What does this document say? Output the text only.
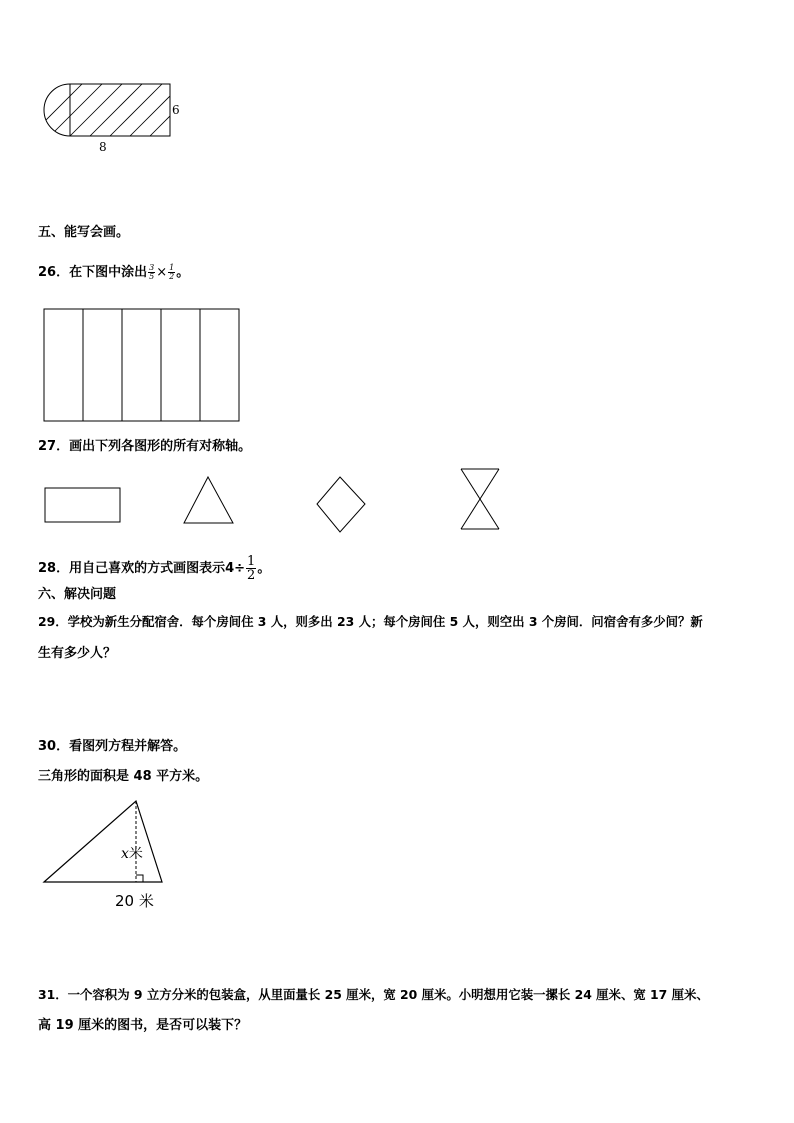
6
8
五、能写会画。
26．在下图中涂出 $\frac{3}{5} \times \frac{1}{2}$ 。
27．画出下列各图形的所有对称轴。
28．用自己喜欢的方式画图表示$4\div \frac{1}{2}$ 。
六、解决问题
29．学校为新生分配宿舍．每个房间住 3 人，则多出 23 人；每个房间住 5 人，则空出 3 个房间．问宿舍有多少间？新
生有多少人？
30．看图列方程并解答。
三角形的面积是 48 平方米。
x米
20 米
31．一个容积为 9 立方分米的包装盒，从里面量长 25 厘米，宽 20 厘米。小明想用它装一摞长 24 厘米、宽 17 厘米、
高 19 厘米的图书，是否可以装下？
